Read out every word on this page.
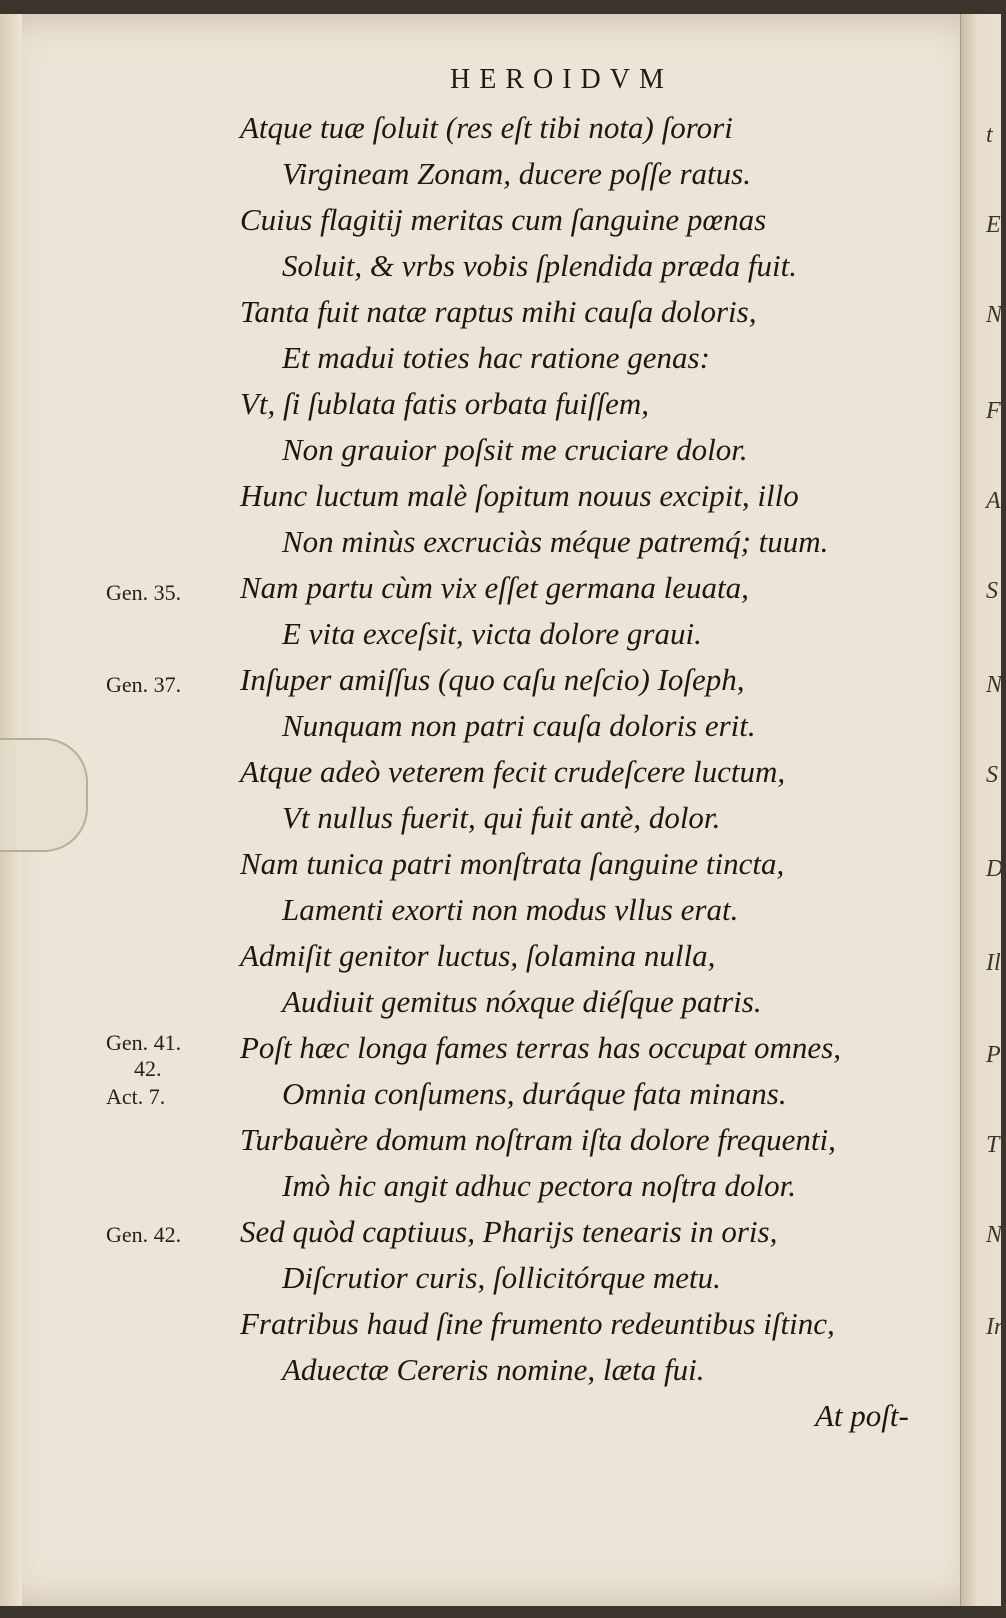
HEROIDVM
Atque tuæ ſoluit (res eſt tibi nota) ſorori
Virgineam Zonam, ducere poſſe ratus.
Cuius flagitij meritas cum ſanguine pœnas
Soluit, & vrbs vobis ſplendida præda fuit.
Tanta fuit natæ raptus mihi cauſa doloris,
Et madui toties hac ratione genas:
Vt, ſi ſublata fatis orbata fuiſſem,
Non grauior poſsit me cruciare dolor.
Hunc luctum malè ſopitum nouus excipit, illo
Non minùs excruciàs méque patremq́; tuum.
Nam partu cùm vix eſſet germana leuata,
E vita exceſsit, victa dolore graui.
Inſuper amiſſus (quo caſu neſcio) Ioſeph,
Nunquam non patri cauſa doloris erit.
Atque adeò veterem fecit crudeſcere luctum,
Vt nullus fuerit, qui fuit antè, dolor.
Nam tunica patri monſtrata ſanguine tincta,
Lamenti exorti non modus vllus erat.
Admiſit genitor luctus, ſolamina nulla,
Audiuit gemitus nóxque diéſque patris.
Poſt hæc longa fames terras has occupat omnes,
Omnia conſumens, duráque fata minans.
Turbauère domum noſtram iſta dolore frequenti,
Imò hic angit adhuc pectora noſtra dolor.
Sed quòd captiuus, Pharijs tenearis in oris,
Diſcrutior curis, ſollicitórque metu.
Fratribus haud ſine frumento redeuntibus iſtinc,
Aduectæ Cereris nomine, læta fui.
At poſt-
Gen. 35.
Gen. 37.
Gen. 41.
42.
Act. 7.
Gen. 42.
t
E
N
F
A
S
N
S
D
Il
P
T
N
In
